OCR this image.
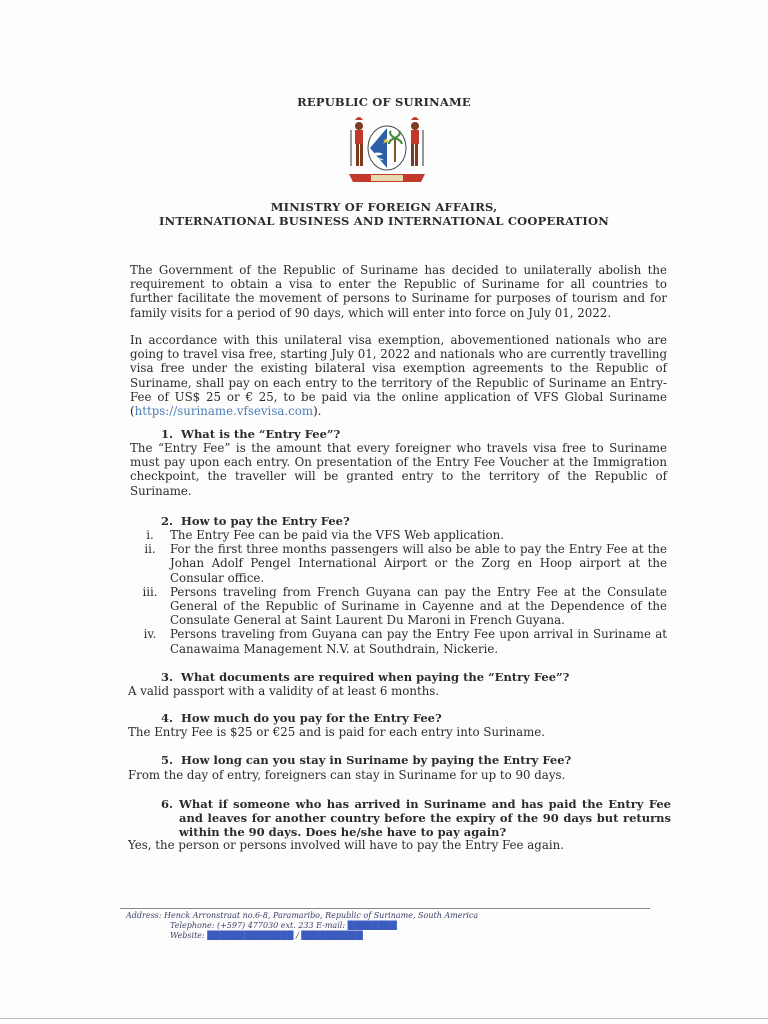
REPUBLIC OF SURINAME
MINISTRY OF FOREIGN AFFAIRS,
INTERNATIONAL BUSINESS AND INTERNATIONAL COOPERATION
The Government of the Republic of Suriname has decided to unilaterally abolish the requirement to obtain a visa to enter the Republic of Suriname for all countries to further facilitate the movement of persons to Suriname for purposes of tourism and for family visits for a period of 90 days, which will enter into force on July 01, 2022.
In accordance with this unilateral visa exemption, abovementioned nationals who are going to travel visa free, starting July 01, 2022 and nationals who are currently travelling visa free under the existing bilateral visa exemption agreements to the Republic of Suriname, shall pay on each entry to the territory of the Republic of Suriname an Entry-Fee of US$ 25 or € 25, to be paid via the online application of VFS Global Suriname (https://suriname.vfsevisa.com).
1. What is the “Entry Fee”?
The “Entry Fee” is the amount that every foreigner who travels visa free to Suriname must pay upon each entry. On presentation of the Entry Fee Voucher at the Immigration checkpoint, the traveller will be granted entry to the territory of the Republic of Suriname.
2. How to pay the Entry Fee?
i.	The Entry Fee can be paid via the VFS Web application.
ii.	For the first three months passengers will also be able to pay the Entry Fee at the Johan Adolf Pengel International Airport or the Zorg en Hoop airport at the Consular office.
iii.	Persons traveling from French Guyana can pay the Entry Fee at the Consulate General of the Republic of Suriname in Cayenne and at the Dependence of the Consulate General at Saint Laurent Du Maroni in French Guyana.
iv.	Persons traveling from Guyana can pay the Entry Fee upon arrival in Suriname at Canawaima Management N.V. at Southdrain, Nickerie.
3. What documents are required when paying the “Entry Fee”?
A valid passport with a validity of at least 6 months.
4. How much do you pay for the Entry Fee?
The Entry Fee is $25 or €25 and is paid for each entry into Suriname.
5. How long can you stay in Suriname by paying the Entry Fee?
From the day of entry, foreigners can stay in Suriname for up to 90 days.
6. What if someone who has arrived in Suriname and has paid the Entry Fee and leaves for another country before the expiry of the 90 days but returns within the 90 days. Does he/she have to pay again?
Yes, the person or persons involved will have to pay the Entry Fee again.
Address: Henck Arronstraat no.6-8, Paramaribo, Republic of Suriname, South America
Telephone: (+597) 477030 ext. 233 E-mail: ████████
Website: ██████████████ / ██████████
